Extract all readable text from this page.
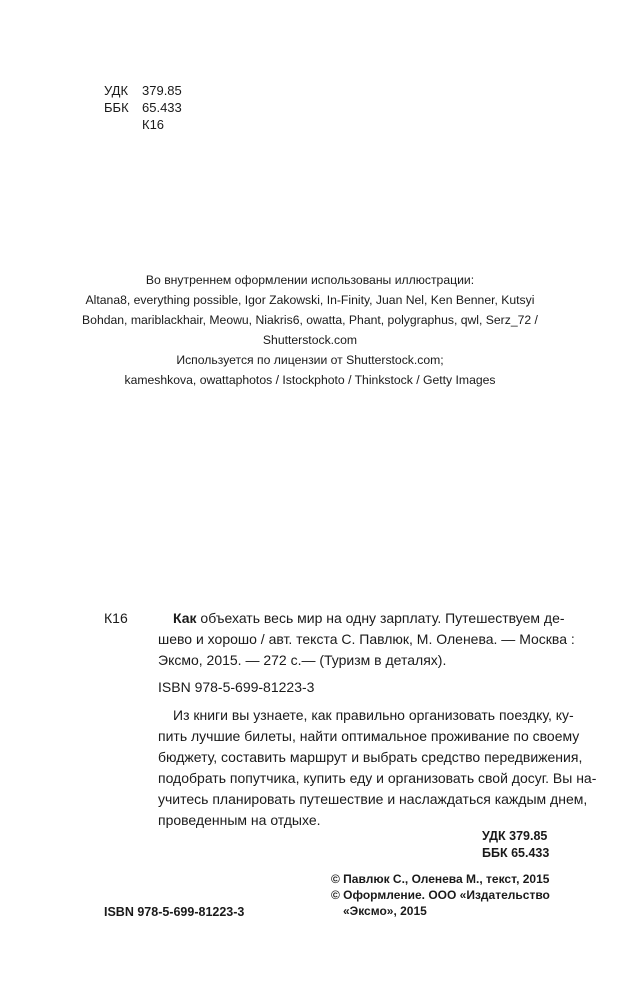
УДК 379.85
ББК 65.433
К16
Во внутреннем оформлении использованы иллюстрации:
Altana8, everything possible, Igor Zakowski, In-Finity, Juan Nel, Ken Benner, Kutsyi
Bohdan, mariblackhair, Meowu, Niakris6, owatta, Phant, polygraphus, qwl, Serz_72 /
Shutterstock.com
Используется по лицензии от Shutterstock.com;
kameshkova, owattaphotos / Istockphoto / Thinkstock / Getty Images
К16	Как объехать весь мир на одну зарплату. Путешествуем де-
шево и хорошо / авт. текста С. Павлюк, М. Оленева. — Москва :
Эксмо, 2015. — 272 с.— (Туризм в деталях).
ISBN 978-5-699-81223-3
Из книги вы узнаете, как правильно организовать поездку, ку-
пить лучшие билеты, найти оптимальное проживание по своему
бюджету, составить маршрут и выбрать средство передвижения,
подобрать попутчика, купить еду и организовать свой досуг. Вы на-
учитесь планировать путешествие и наслаждаться каждым днем,
проведенным на отдыхе.
УДК 379.85
ББК 65.433
ISBN 978-5-699-81223-3
© Павлюк С., Оленева М., текст, 2015
© Оформление. ООО «Издательство
«Эксмо», 2015
